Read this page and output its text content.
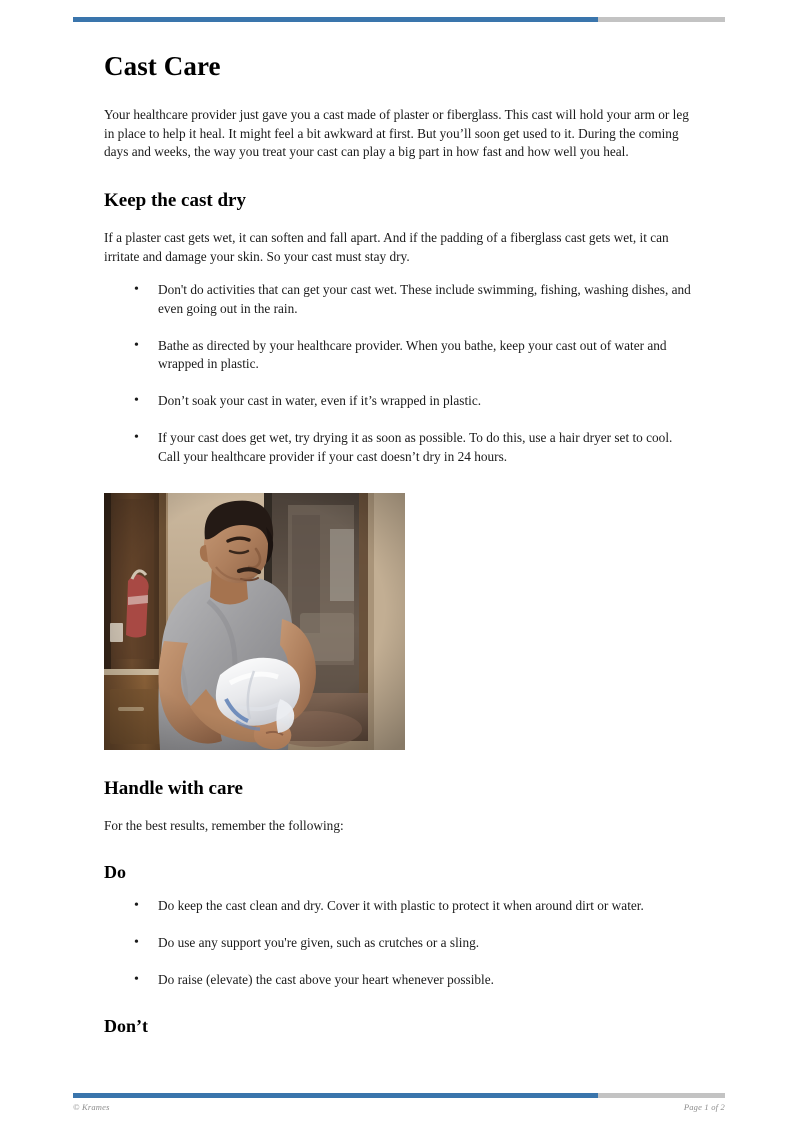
Cast Care

Your healthcare provider just gave you a cast made of plaster or fiberglass. This cast will hold your arm or leg in place to help it heal. It might feel a bit awkward at first. But you’ll soon get used to it. During the coming days and weeks, the way you treat your cast can play a big part in how fast and how well you heal.

Keep the cast dry

If a plaster cast gets wet, it can soften and fall apart. And if the padding of a fiberglass cast gets wet, it can irritate and damage your skin. So your cast must stay dry.

• Don't do activities that can get your cast wet. These include swimming, fishing, washing dishes, and even going out in the rain.
• Bathe as directed by your healthcare provider. When you bathe, keep your cast out of water and wrapped in plastic.
• Don’t soak your cast in water, even if it’s wrapped in plastic.
• If your cast does get wet, try drying it as soon as possible. To do this, use a hair dryer set to cool. Call your healthcare provider if your cast doesn’t dry in 24 hours.
Handle with care

For the best results, remember the following:

Do
• Do keep the cast clean and dry. Cover it with plastic to protect it when around dirt or water.
• Do use any support you're given, such as crutches or a sling.
• Do raise (elevate) the cast above your heart whenever possible.
Don’t
© Krames	Page 1 of 2
